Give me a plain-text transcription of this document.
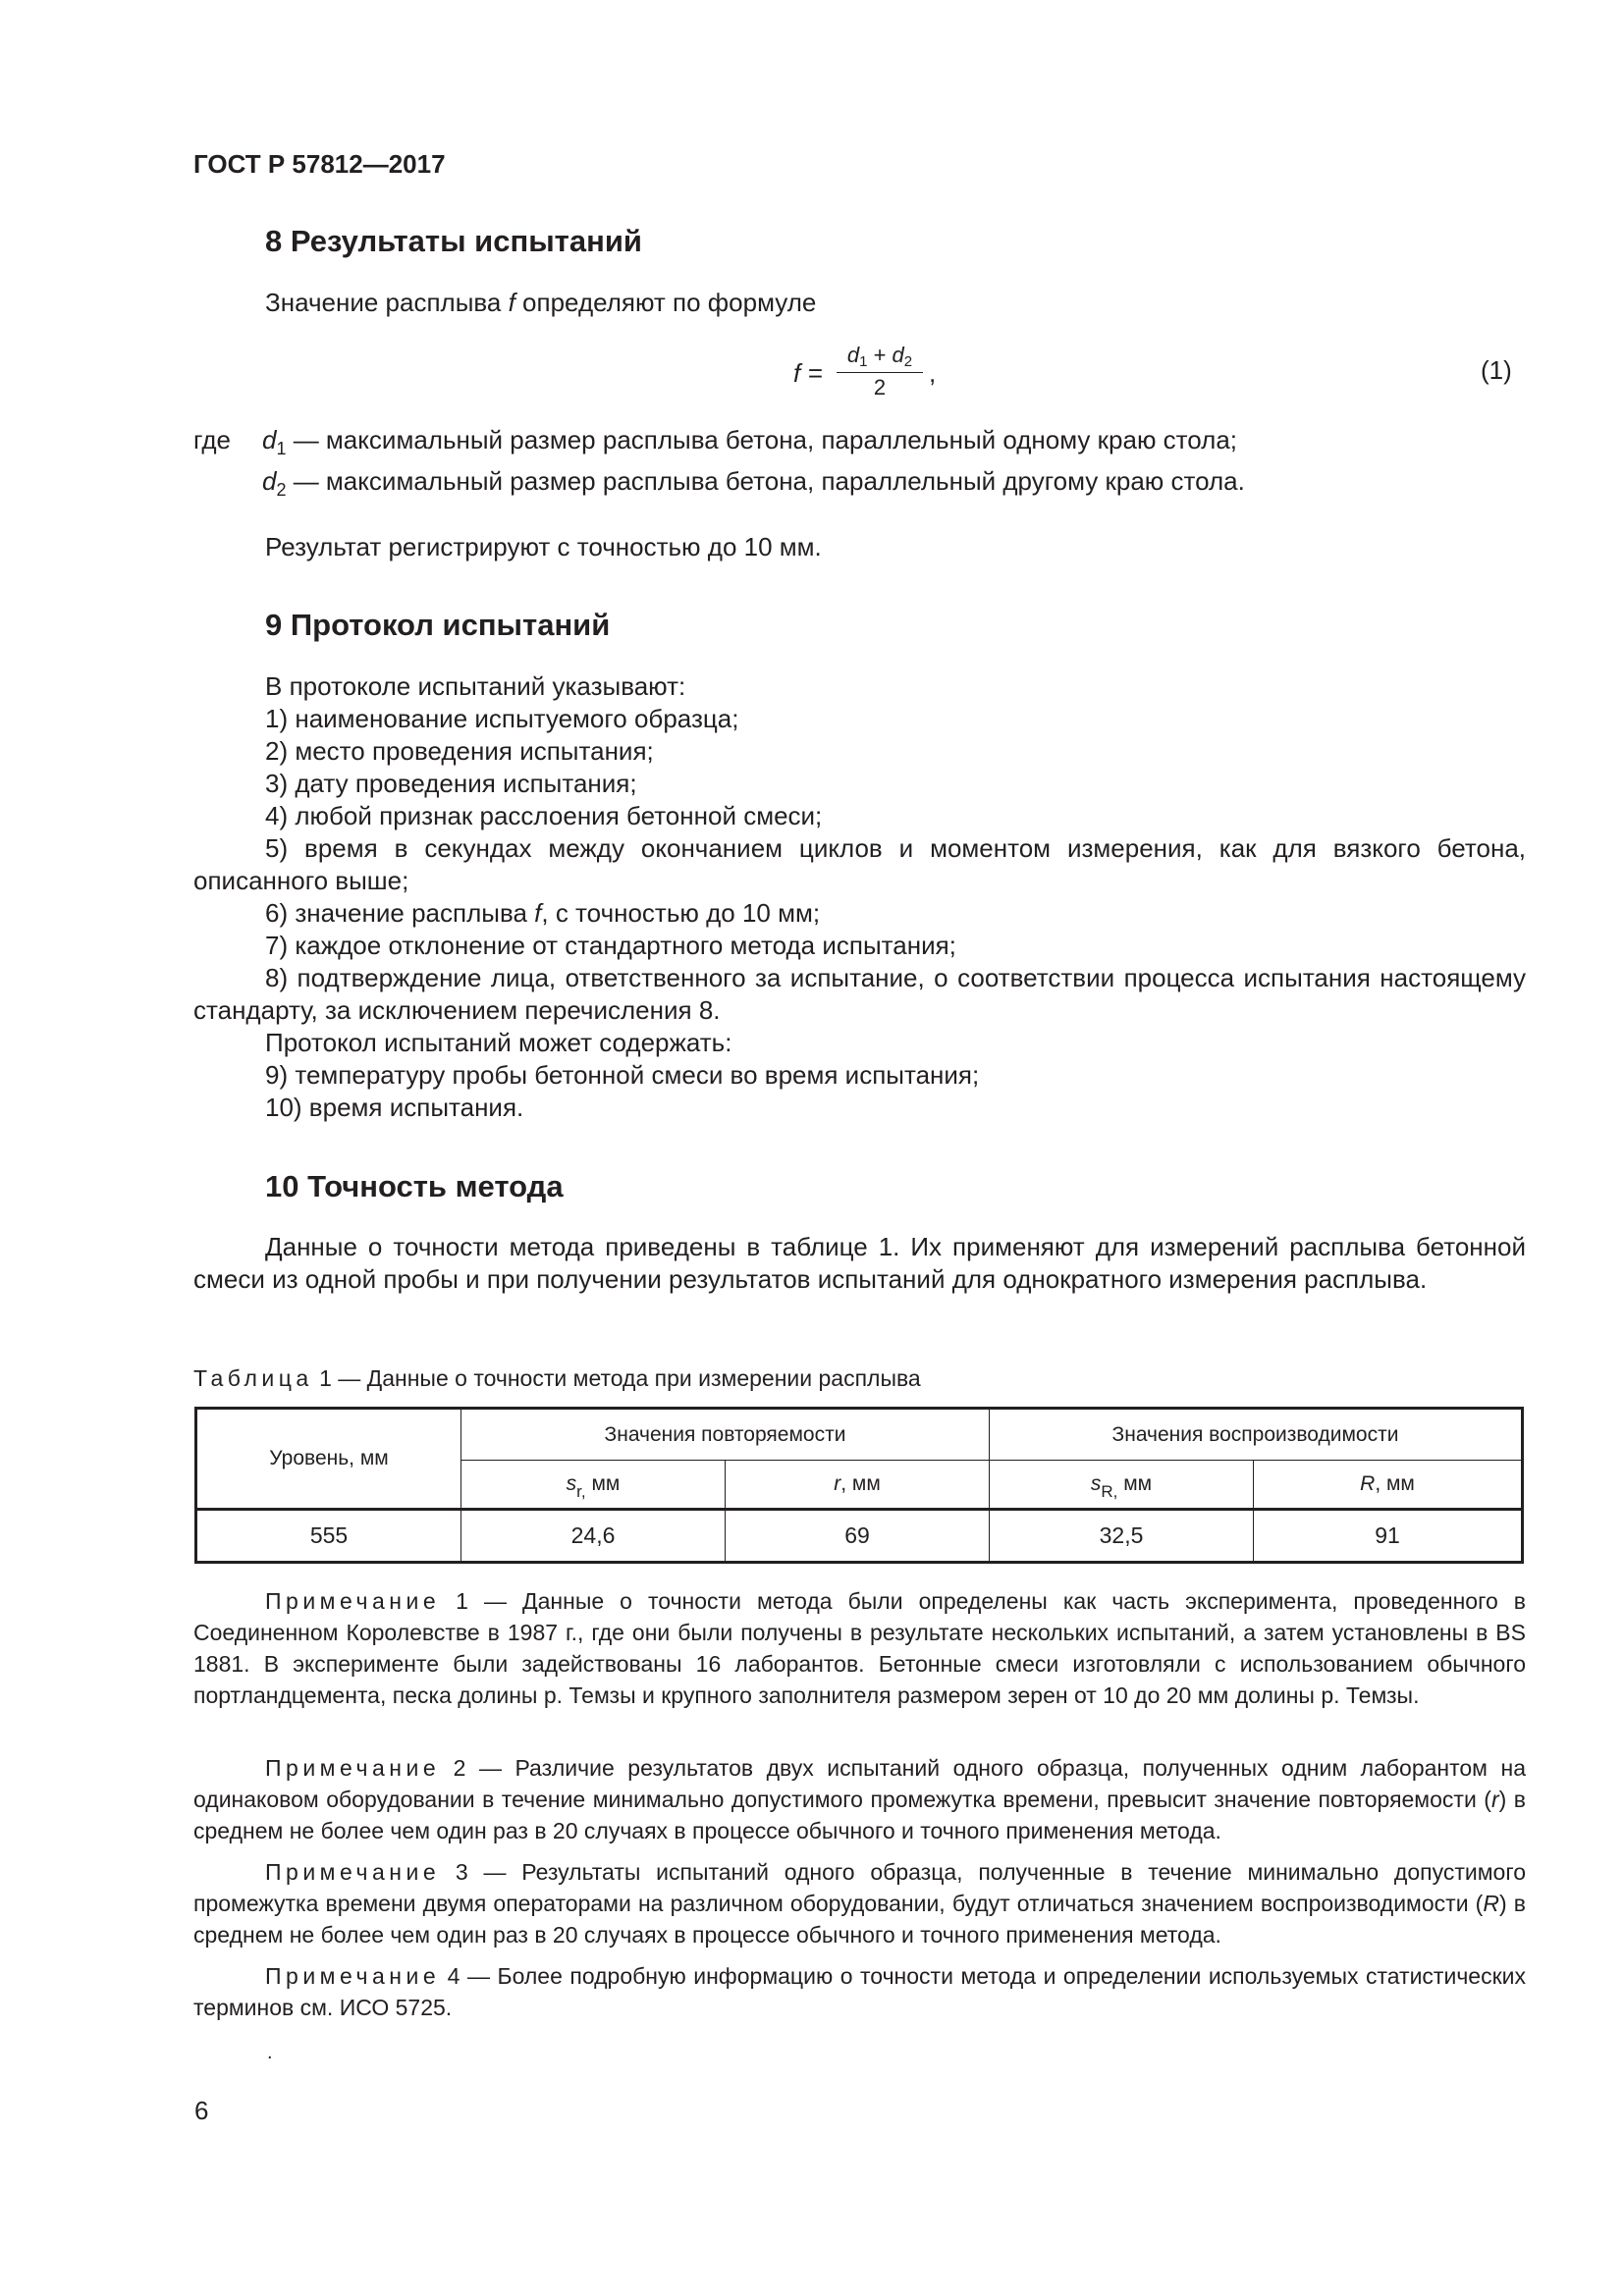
ГОСТ Р 57812—2017
8 Результаты испытаний
Значение расплыва f определяют по формуле
f =
$d_1 + d_2$
2	,	(1)
где $d_1$ — максимальный размер расплыва бетона, параллельный одному краю стола;
$d_2$ — максимальный размер расплыва бетона, параллельный другому краю стола.
Результат регистрируют с точностью до 10 мм.
9 Протокол испытаний
В протоколе испытаний указывают:
1) наименование испытуемого образца;
2) место проведения испытания;
3) дату проведения испытания;
4) любой признак расслоения бетонной смеси;
5) время в секундах между окончанием циклов и моментом измерения, как для вязкого бетона, описанного выше;
6) значение расплыва f, с точностью до 10 мм;
7) каждое отклонение от стандартного метода испытания;
8) подтверждение лица, ответственного за испытание, о соответствии процесса испытания настоящему стандарту, за исключением перечисления 8.
Протокол испытаний может содержать:
9) температуру пробы бетонной смеси во время испытания;
10) время испытания.
10 Точность метода
Данные о точности метода приведены в таблице 1. Их применяют для измерений расплыва бетонной смеси из одной пробы и при получении результатов испытаний для однократного измерения расплыва.
Таблица 1 — Данные о точности метода при измерении расплыва
Уровень, мм	Значения повторяемости		Значения воспроизводимости	
	$s_{r,}$ мм	r, мм	$s_{R,}$ мм	R, мм
555	24,6	69	32,5	91
Примечание 1 — Данные о точности метода были определены как часть эксперимента, проведенного в Соединенном Королевстве в 1987 г., где они были получены в результате нескольких испытаний, а затем установлены в BS 1881. В эксперименте были задействованы 16 лаборантов. Бетонные смеси изготовляли с использованием обычного портландцемента, песка долины р. Темзы и крупного заполнителя размером зерен от 10 до 20 мм долины р. Темзы.
Примечание 2 — Различие результатов двух испытаний одного образца, полученных одним лаборантом на одинаковом оборудовании в течение минимально допустимого промежутка времени, превысит значение повторяемости (r) в среднем не более чем один раз в 20 случаях в процессе обычного и точного применения метода.
Примечание 3 — Результаты испытаний одного образца, полученные в течение минимально допустимого промежутка времени двумя операторами на различном оборудовании, будут отличаться значением воспроизводимости (R) в среднем не более чем один раз в 20 случаях в процессе обычного и точного применения метода.
Примечание 4 — Более подробную информацию о точности метода и определении используемых статистических терминов см. ИСО 5725.
.
6
